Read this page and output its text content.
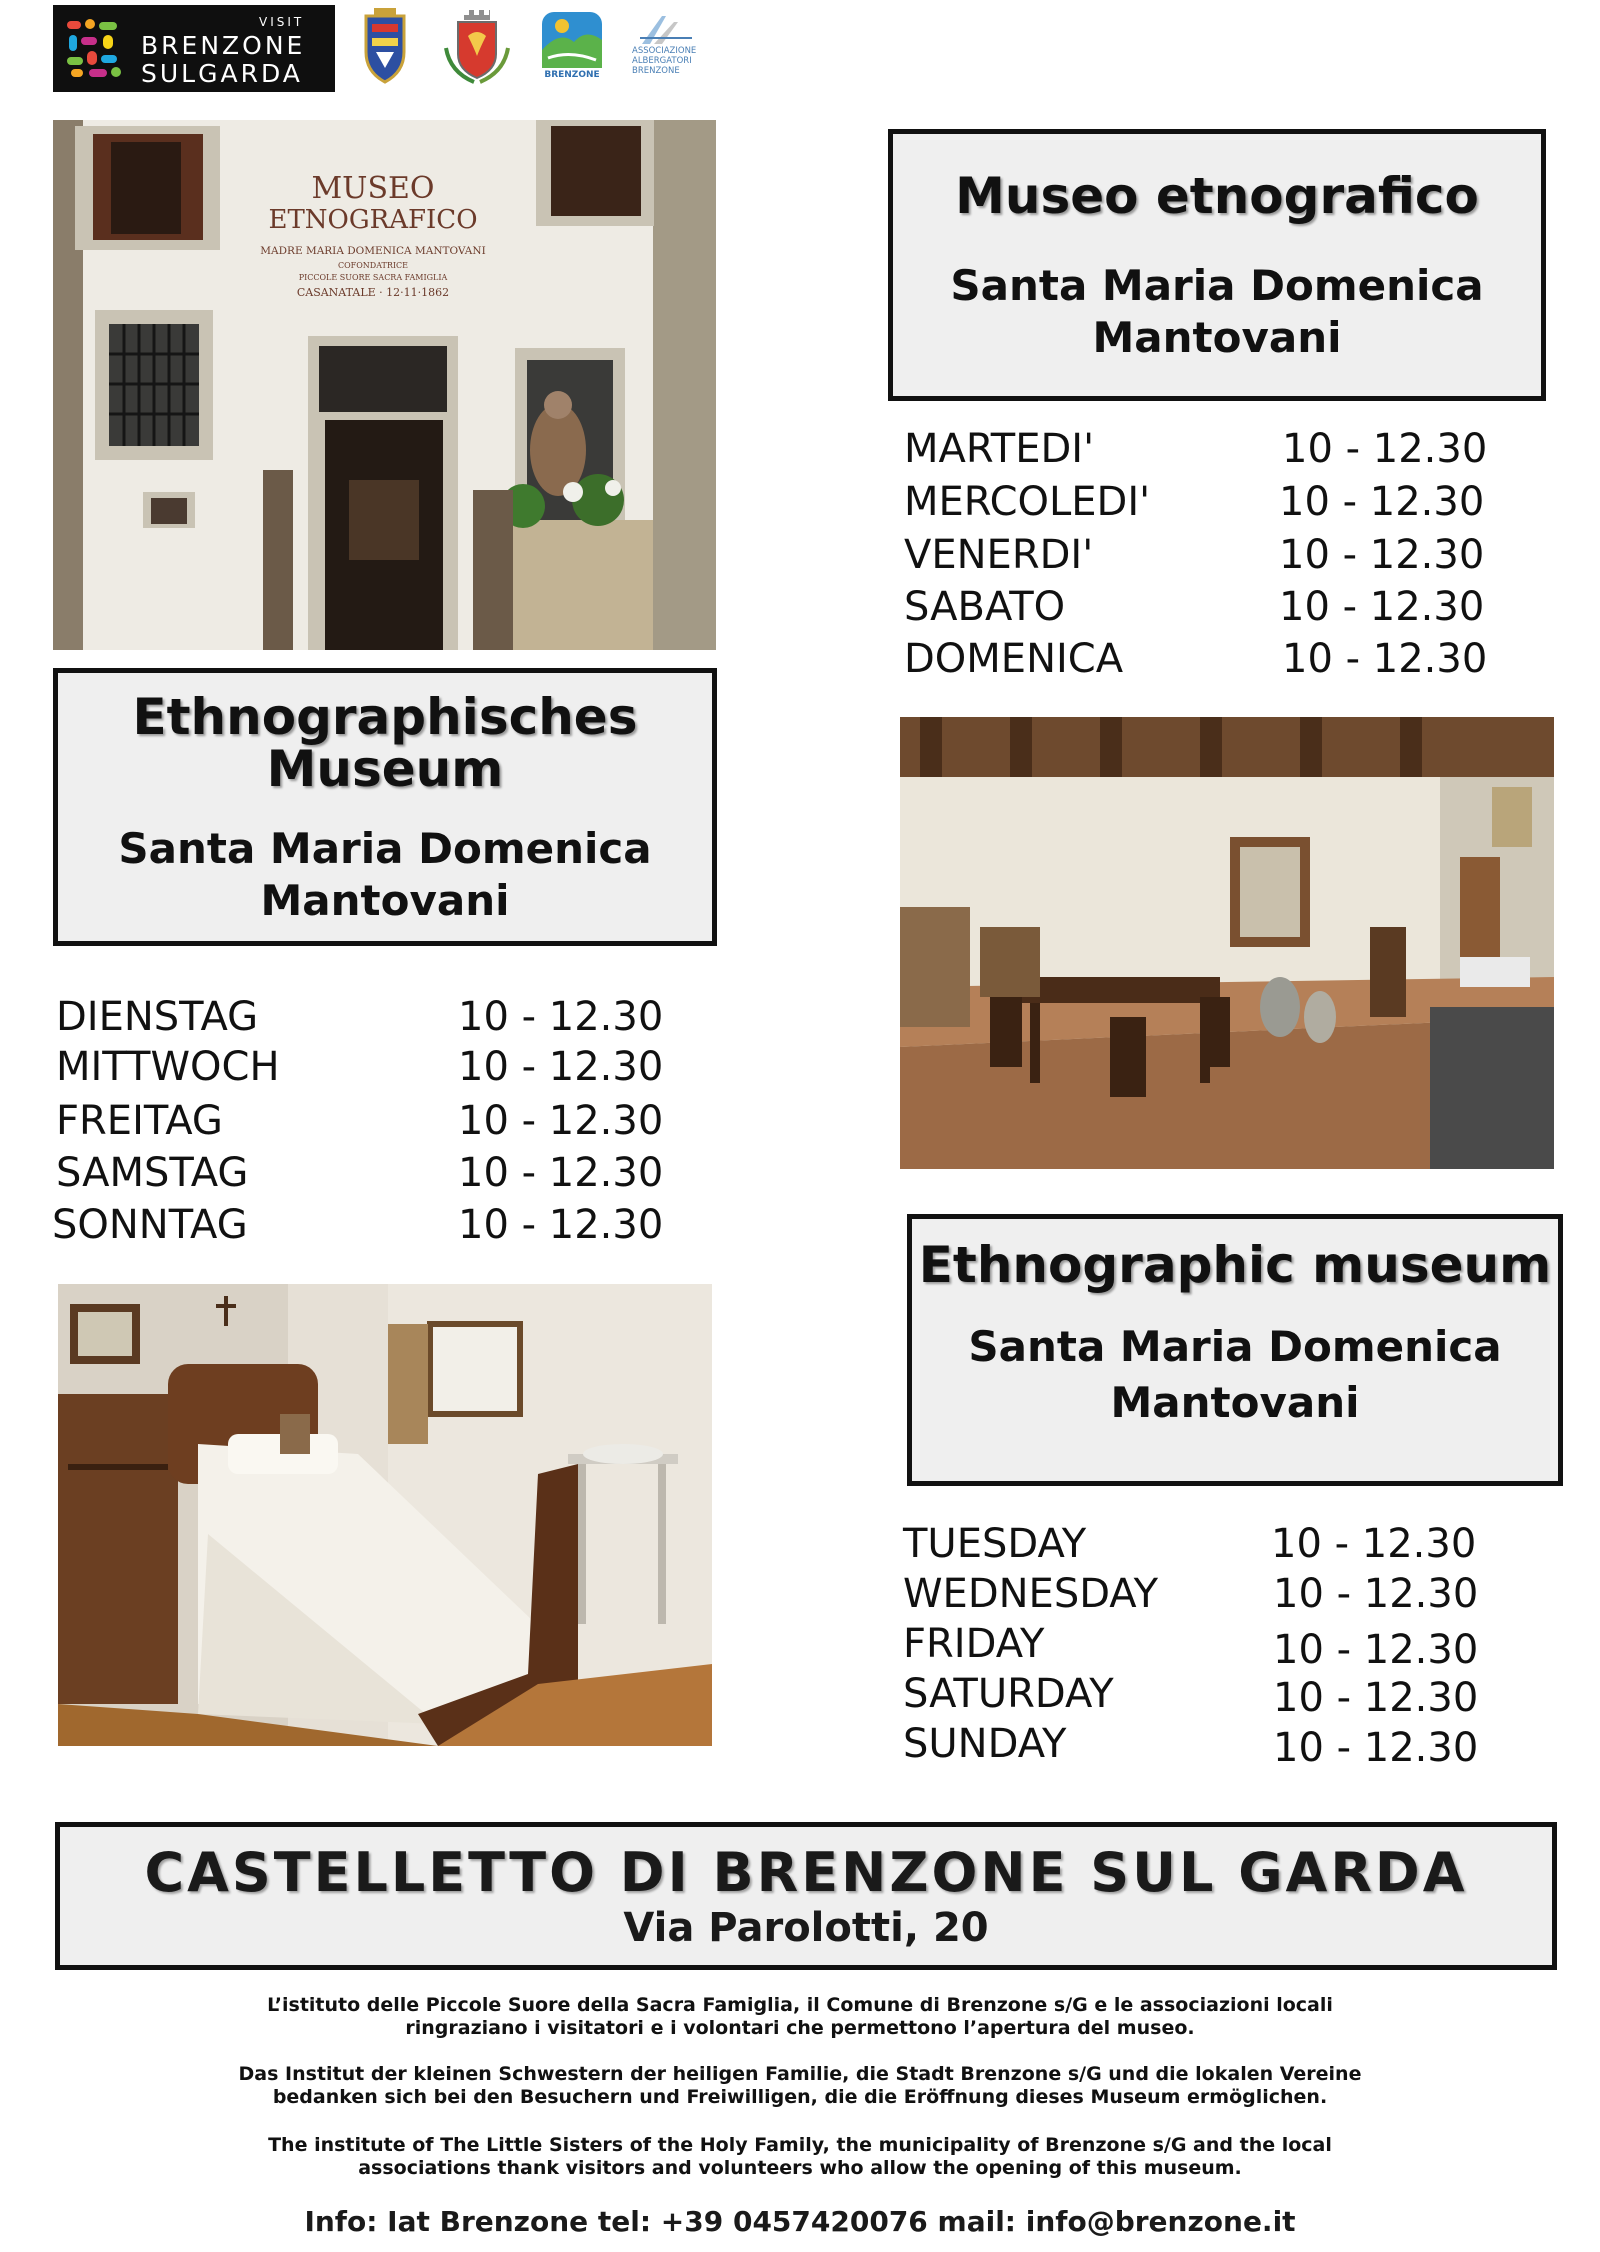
VISIT
BRENZONE
SULGARDA	BRENZONE
ASSOCIAZIONE
ALBERGATORI
BRENZONE
MUSEO
ETNOGRAFICO
MADRE MARIA DOMENICA MANTOVANI
COFONDATRICE
PICCOLE SUORE SACRA FAMIGLIA
CASANATALE · 12·11·1862
Museo etnografico
Santa Maria Domenica
Mantovani
MARTEDI'	10 - 12.30
MERCOLEDI'	10 - 12.30
VENERDI'	10 - 12.30
SABATO	10 - 12.30
DOMENICA	10 - 12.30
Ethnographisches
Museum
Santa Maria Domenica
Mantovani
DIENSTAG	10 - 12.30
MITTWOCH	10 - 12.30
FREITAG	10 - 12.30
SAMSTAG	10 - 12.30
SONNTAG	10 - 12.30
Ethnographic museum
Santa Maria Domenica
Mantovani
TUESDAY	10 - 12.30
WEDNESDAY	10 - 12.30
FRIDAY	10 - 12.30
SATURDAY	10 - 12.30
SUNDAY	10 - 12.30
CASTELLETTO DI BRENZONE SUL GARDA
Via Parolotti, 20
L’istituto delle Piccole Suore della Sacra Famiglia, il Comune di Brenzone s/G e le associazioni locali
ringraziano i visitatori e i volontari che permettono l’apertura del museo.
Das Institut der kleinen Schwestern der heiligen Familie, die Stadt Brenzone s/G und die lokalen Vereine
bedanken sich bei den Besuchern und Freiwilligen, die die Eröffnung dieses Museum ermöglichen.
The institute of The Little Sisters of the Holy Family, the municipality of Brenzone s/G and the local
associations thank visitors and volunteers who allow the opening of this museum.
Info: Iat Brenzone tel: +39 0457420076 mail: info@brenzone.it
